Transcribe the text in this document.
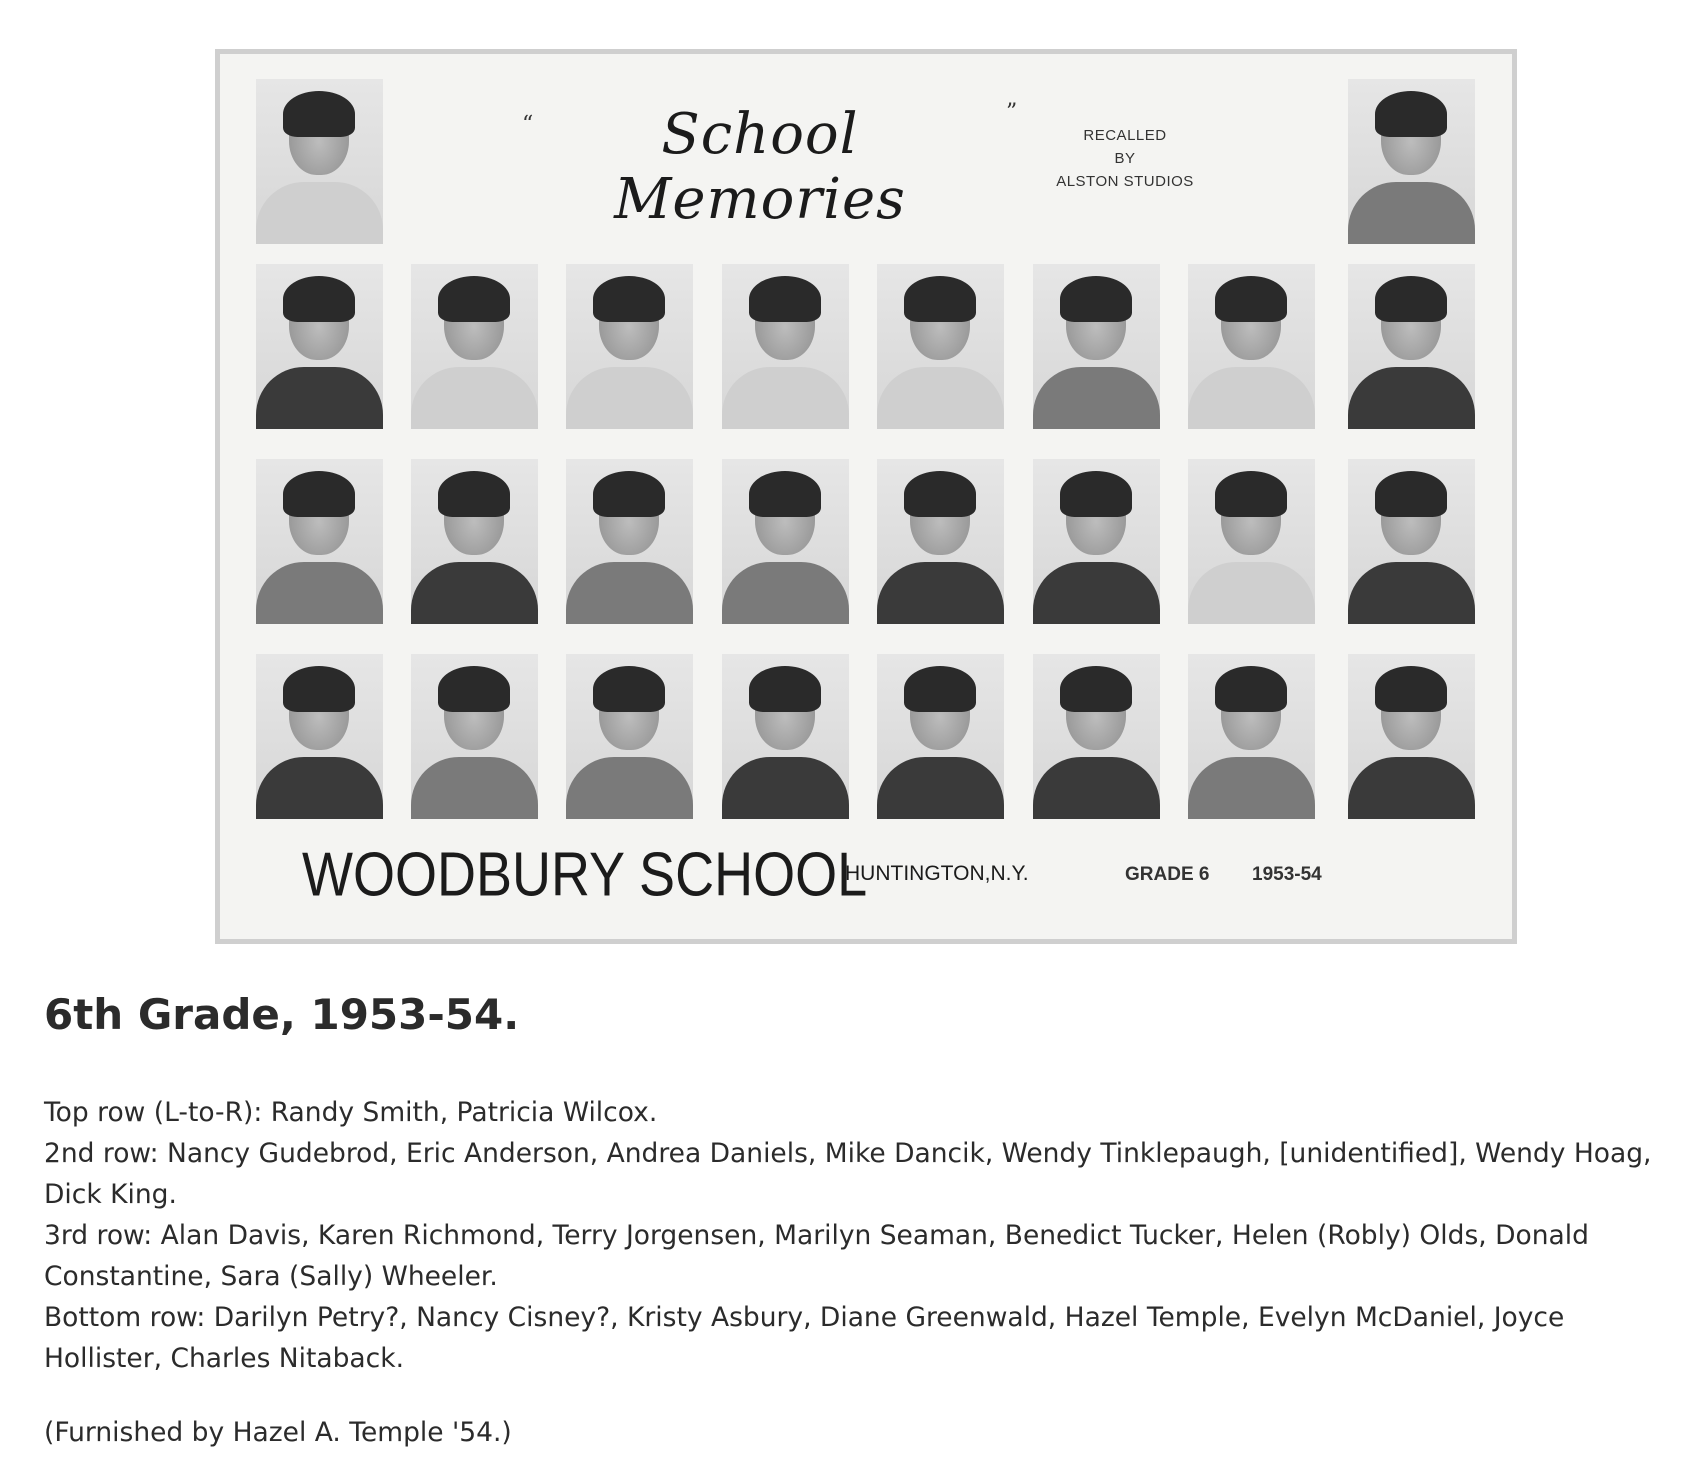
“	School Memories
”
RECALLED
BY
ALSTON STUDIOS
WOODBURY SCHOOL
HUNTINGTON,N.Y.	GRADE 6 1953-54
6th Grade, 1953-54.

Top row (L-to-R): Randy Smith, Patricia Wilcox.

2nd row: Nancy Gudebrod, Eric Anderson, Andrea Daniels, Mike Dancik, Wendy Tinklepaugh, [unidentified], Wendy Hoag, Dick King.

3rd row: Alan Davis, Karen Richmond, Terry Jorgensen, Marilyn Seaman, Benedict Tucker, Helen (Robly) Olds, Donald Constantine, Sara (Sally) Wheeler.

Bottom row: Darilyn Petry?, Nancy Cisney?, Kristy Asbury, Diane Greenwald, Hazel Temple, Evelyn McDaniel, Joyce Hollister, Charles Nitaback.

(Furnished by Hazel A. Temple '54.)
